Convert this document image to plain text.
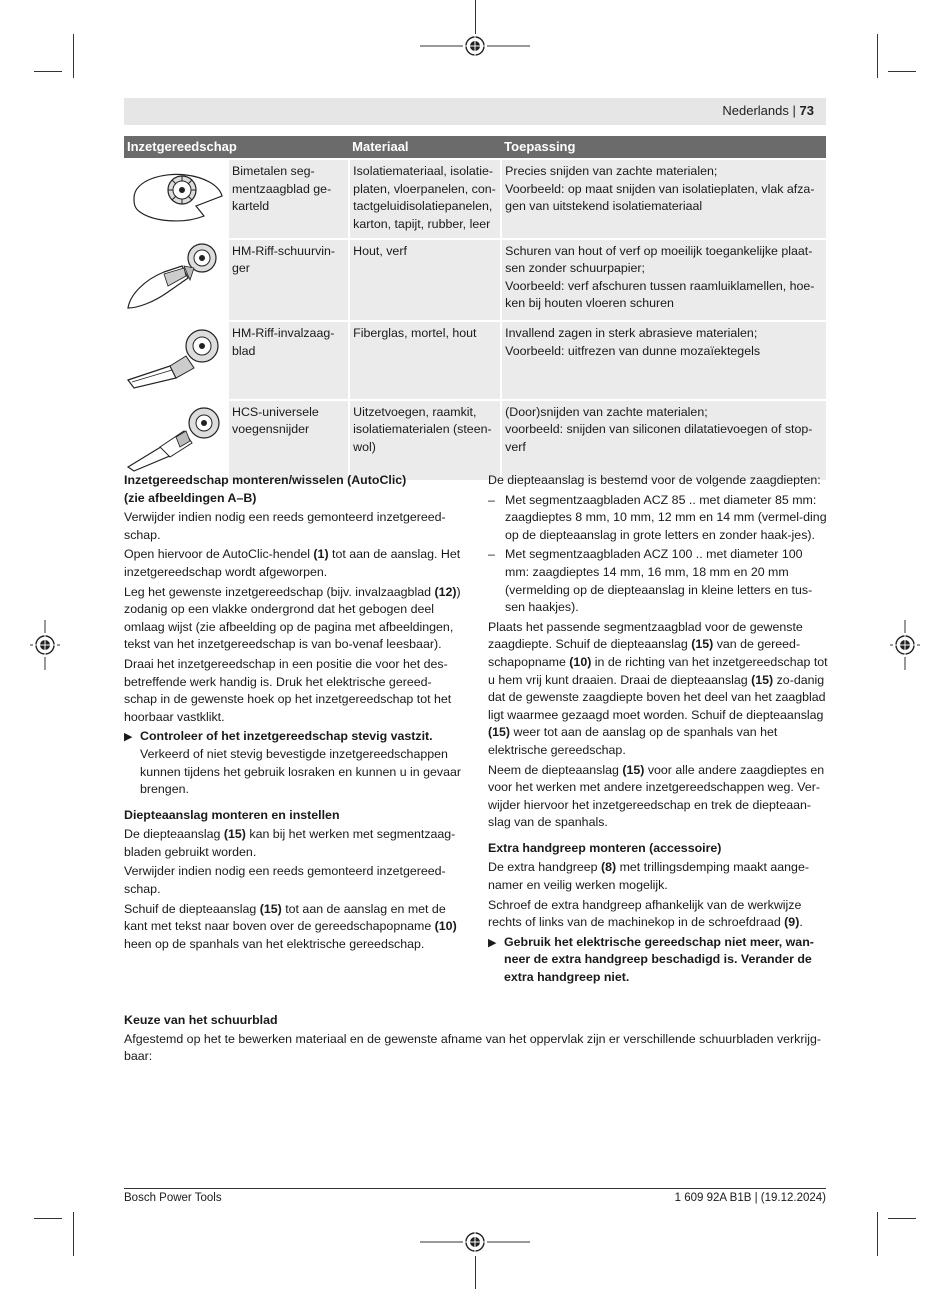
Nederlands | 73
Inzetgereedschap		Materiaal	Toepassing

Bimetalen seg-
mentzaagblad ge-
karteld	Isolatiemateriaal, isolatie-
platen, vloerpanelen, con-
tactgeluidisolatiepanelen,
karton, tapijt, rubber, leer	Precies snijden van zachte materialen;
Voorbeeld: op maat snijden van isolatieplaten, vlak afza-
gen van uitstekend isolatiemateriaal

HM-Riff-schuurvin-
ger	Hout, verf	Schuren van hout of verf op moeilijk toegankelijke plaat-
sen zonder schuurpapier;
Voorbeeld: verf afschuren tussen raamluiklamellen, hoe-
ken bij houten vloeren schuren

HM-Riff-invalzaag-
blad	Fiberglas, mortel, hout	Invallend zagen in sterk abrasieve materialen;
Voorbeeld: uitfrezen van dunne mozaïektegels

HCS-universele
voegensnijder	Uitzetvoegen, raamkit,
isolatiematerialen (steen-
wol)	(Door)snijden van zachte materialen;
voorbeeld: snijden van siliconen dilatatievoegen of stop-
verf
Inzetgereedschap monteren/wisselen (AutoClic)
(zie afbeeldingen A–B)

Verwijder indien nodig een reeds gemonteerd inzetgereed-schap.

Open hiervoor de AutoClic-hendel (1) tot aan de aanslag. Het inzetgereedschap wordt afgeworpen.

Leg het gewenste inzetgereedschap (bijv. invalzaagblad (12)) zodanig op een vlakke ondergrond dat het gebogen deel omlaag wijst (zie afbeelding op de pagina met afbeeldingen, tekst van het inzetgereedschap is van bo-venaf leesbaar).

Draai het inzetgereedschap in een positie die voor het des-betreffende werk handig is. Druk het elektrische gereed-schap in de gewenste hoek op het inzetgereedschap tot het hoorbaar vastklikt.

▶ Controleer of het inzetgereedschap stevig vastzit.
Verkeerd of niet stevig bevestigde inzetgereedschappen kunnen tijdens het gebruik losraken en kunnen u in gevaar brengen.
Diepteaanslag monteren en instellen

De diepteaanslag (15) kan bij het werken met segmentzaag-bladen gebruikt worden.

Verwijder indien nodig een reeds gemonteerd inzetgereed-schap.

Schuif de diepteaanslag (15) tot aan de aanslag en met de kant met tekst naar boven over de gereedschapopname (10) heen op de spanhals van het elektrische gereedschap.

De diepteaanslag is bestemd voor de volgende zaagdiepten:

– Met segmentzaagbladen ACZ 85 .. met diameter 85 mm: zaagdieptes 8 mm, 10 mm, 12 mm en 14 mm (vermel-ding op de diepteaanslag in grote letters en zonder haak-jes).
– Met segmentzaagbladen ACZ 100 .. met diameter 100 mm: zaagdieptes 14 mm, 16 mm, 18 mm en 20 mm (vermelding op de diepteaanslag in kleine letters en tus-sen haakjes).

Plaats het passende segmentzaagblad voor de gewenste zaagdiepte. Schuif de diepteaanslag (15) van de gereed-schapopname (10) in de richting van het inzetgereedschap tot u hem vrij kunt draaien. Draai de diepteaanslag (15) zo-danig dat de gewenste zaagdiepte boven het deel van het zaagblad ligt waarmee gezaagd moet worden. Schuif de diepteaanslag (15) weer tot aan de aanslag op de spanhals van het elektrische gereedschap.

Neem de diepteaanslag (15) voor alle andere zaagdieptes en voor het werken met andere inzetgereedschappen weg. Ver-wijder hiervoor het inzetgereedschap en trek de diepteaan-slag van de spanhals.

Extra handgreep monteren (accessoire)

De extra handgreep (8) met trillingsdemping maakt aange-namer en veilig werken mogelijk.

Schroef de extra handgreep afhankelijk van de werkwijze rechts of links van de machinekop in de schroefdraad (9).

▶ Gebruik het elektrische gereedschap niet meer, wan-neer de extra handgreep beschadigd is. Verander de extra handgreep niet.
Keuze van het schuurblad

Afgestemd op het te bewerken materiaal en de gewenste afname van het oppervlak zijn er verschillende schuurbladen verkrijg-baar:

Bosch Power Tools	1 609 92A B1B | (19.12.2024)
